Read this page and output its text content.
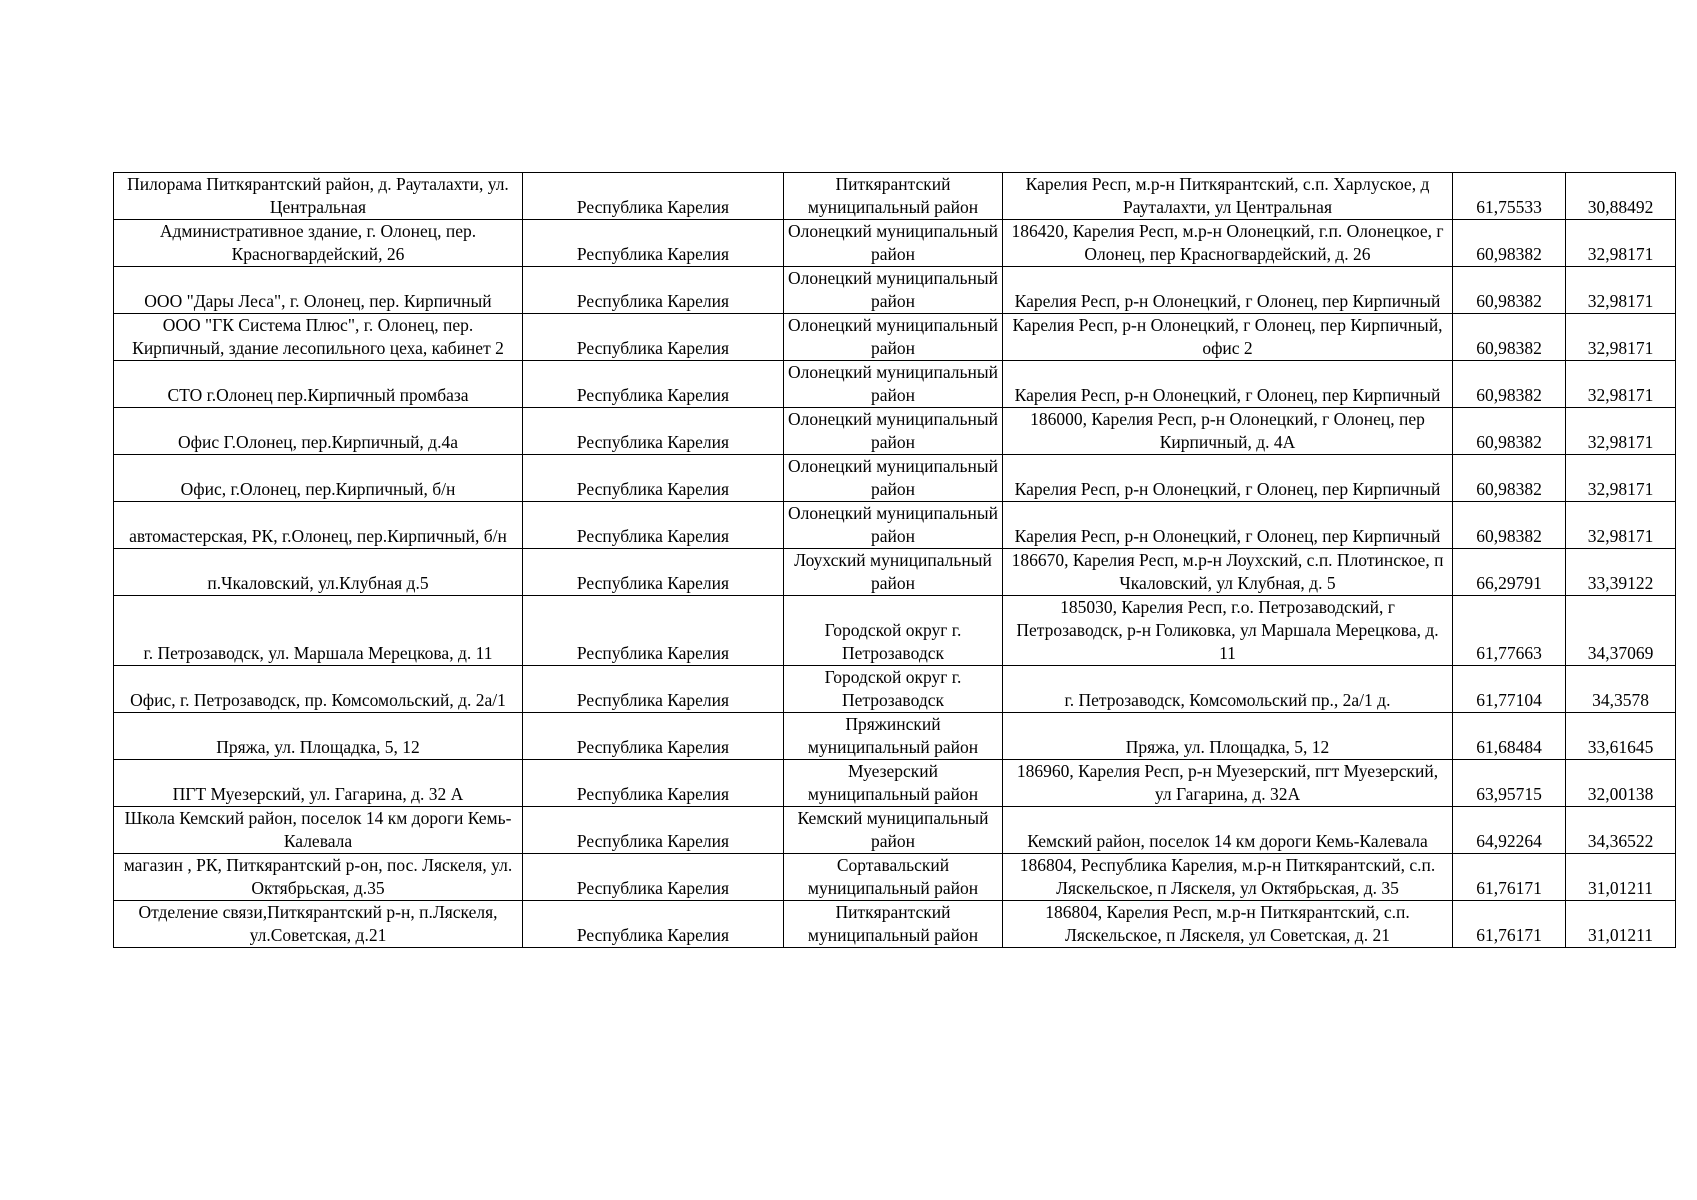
Пилорама Питкярантский район, д. Рауталахти, ул. Центральная	Республика Карелия	Питкярантский муниципальный район	Карелия Респ, м.р-н Питкярантский, с.п. Харлуское, д Рауталахти, ул Центральная	61,75533	30,88492
Административное здание, г. Олонец, пер. Красногвардейский, 26	Республика Карелия	Олонецкий муниципальный район	186420, Карелия Респ, м.р-н Олонецкий, г.п. Олонецкое, г Олонец, пер Красногвардейский, д. 26	60,98382	32,98171
ООО "Дары Леса", г. Олонец, пер. Кирпичный	Республика Карелия	Олонецкий муниципальный район	Карелия Респ, р-н Олонецкий, г Олонец, пер Кирпичный	60,98382	32,98171
ООО "ГК Система Плюс", г. Олонец, пер. Кирпичный, здание лесопильного цеха, кабинет 2	Республика Карелия	Олонецкий муниципальный район	Карелия Респ, р-н Олонецкий, г Олонец, пер Кирпичный, офис 2	60,98382	32,98171
СТО г.Олонец пер.Кирпичный промбаза	Республика Карелия	Олонецкий муниципальный район	Карелия Респ, р-н Олонецкий, г Олонец, пер Кирпичный	60,98382	32,98171
Офис Г.Олонец, пер.Кирпичный, д.4а	Республика Карелия	Олонецкий муниципальный район	186000, Карелия Респ, р-н Олонецкий, г Олонец, пер Кирпичный, д. 4А	60,98382	32,98171
Офис, г.Олонец, пер.Кирпичный, б/н	Республика Карелия	Олонецкий муниципальный район	Карелия Респ, р-н Олонецкий, г Олонец, пер Кирпичный	60,98382	32,98171
автомастерская, РК, г.Олонец, пер.Кирпичный, б/н	Республика Карелия	Олонецкий муниципальный район	Карелия Респ, р-н Олонецкий, г Олонец, пер Кирпичный	60,98382	32,98171
п.Чкаловский, ул.Клубная д.5	Республика Карелия	Лоухский муниципальный район	186670, Карелия Респ, м.р-н Лоухский, с.п. Плотинское, п Чкаловский, ул Клубная, д. 5	66,29791	33,39122
г. Петрозаводск, ул. Маршала Мерецкова, д. 11	Республика Карелия	Городской округ г. Петрозаводск	185030, Карелия Респ, г.о. Петрозаводский, г Петрозаводск, р-н Голиковка, ул Маршала Мерецкова, д. 11	61,77663	34,37069
Офис, г. Петрозаводск, пр. Комсомольский, д. 2а/1	Республика Карелия	Городской округ г. Петрозаводск	г. Петрозаводск, Комсомольский пр., 2а/1 д.	61,77104	34,3578
Пряжа, ул. Площадка, 5, 12	Республика Карелия	Пряжинский муниципальный район	Пряжа, ул. Площадка, 5, 12	61,68484	33,61645
ПГТ Муезерский, ул. Гагарина, д. 32 А	Республика Карелия	Муезерский муниципальный район	186960, Карелия Респ, р-н Муезерский, пгт Муезерский, ул Гагарина, д. 32А	63,95715	32,00138
Школа Кемский район, поселок 14 км дороги Кемь-Калевала	Республика Карелия	Кемский муниципальный район	Кемский район, поселок 14 км дороги Кемь-Калевала	64,92264	34,36522
магазин , РК, Питкярантский р-он, пос. Ляскеля, ул. Октябрьская, д.35	Республика Карелия	Сортавальский муниципальный район	186804, Республика Карелия, м.р-н Питкярантский, с.п. Ляскельское, п Ляскеля, ул Октябрьская, д. 35	61,76171	31,01211
Отделение связи,Питкярантский р-н, п.Ляскеля, ул.Советская, д.21	Республика Карелия	Питкярантский муниципальный район	186804, Карелия Респ, м.р-н Питкярантский, с.п. Ляскельское, п Ляскеля, ул Советская, д. 21	61,76171	31,01211
